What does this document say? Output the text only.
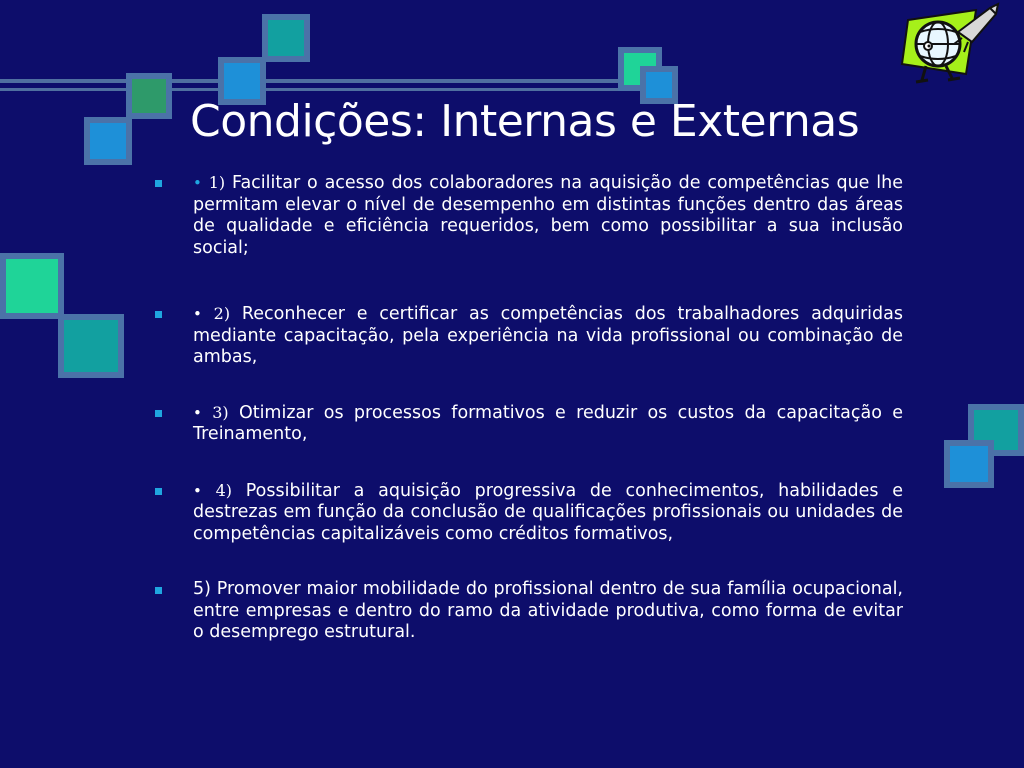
Condições: Internas e Externas
• 1) Facilitar o acesso dos colaboradores na aquisição de competências que lhe permitam elevar o nível de desempenho em distintas funções dentro das áreas de qualidade e eficiência requeridos, bem como possibilitar a sua inclusão social;
• 2) Reconhecer e certificar as competências dos trabalhadores adquiridas mediante capacitação, pela experiência na vida profissional ou combinação de ambas,
• 3) Otimizar os processos formativos e reduzir os custos da capacitação e Treinamento,
• 4) Possibilitar a aquisição progressiva de conhecimentos, habilidades e destrezas em função da conclusão de qualificações profissionais ou unidades de competências capitalizáveis como créditos formativos,
5) Promover maior mobilidade do profissional dentro de sua família ocupacional, entre empresas e dentro do ramo da atividade produtiva, como forma de evitar o desemprego estrutural.
